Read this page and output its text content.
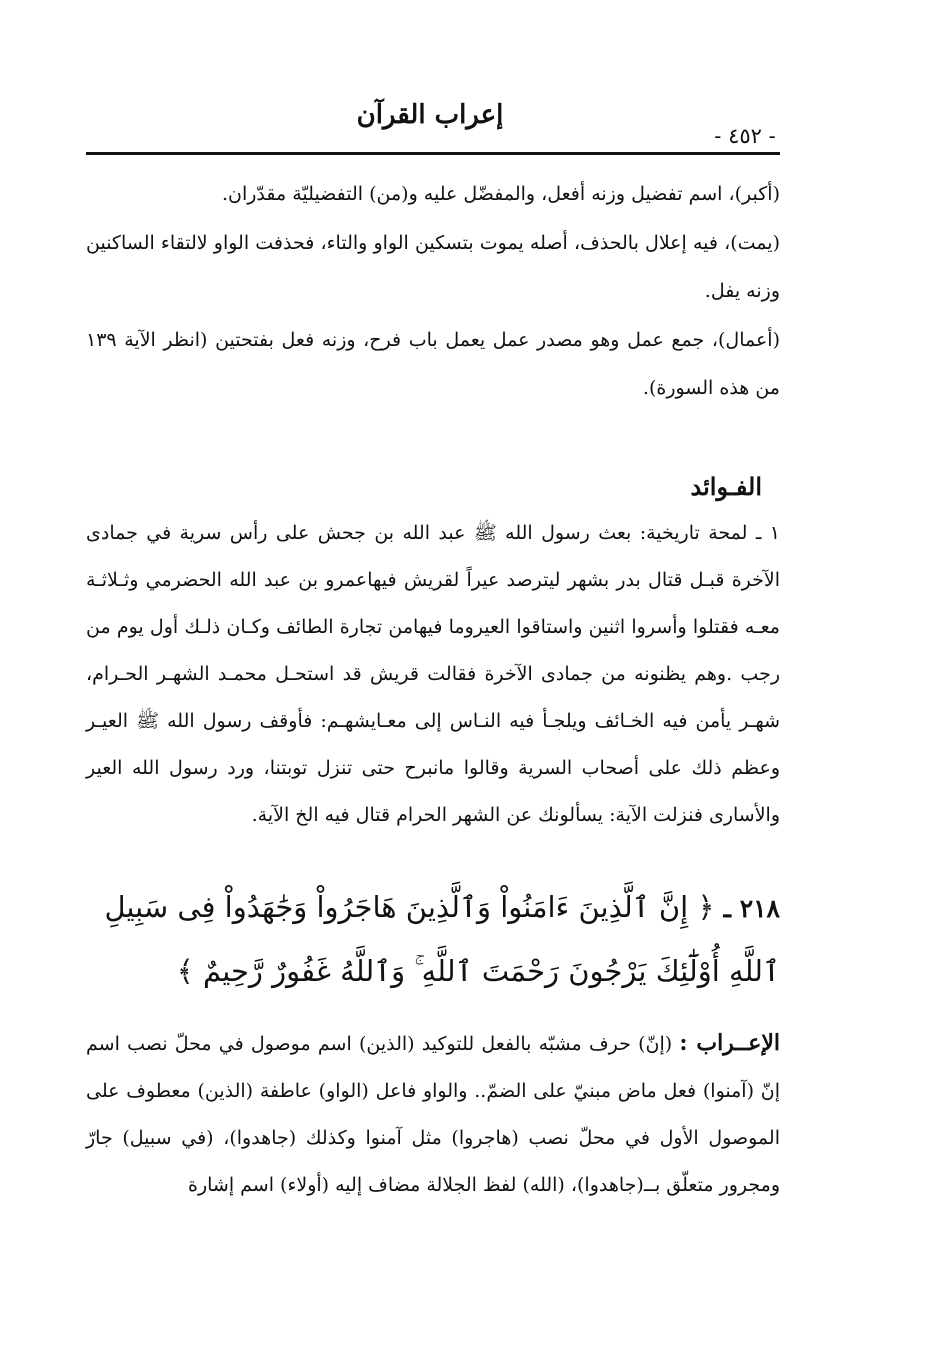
إعراب القرآن
- ٤٥٢ -

(أكبر)، اسم تفضيل وزنه أفعل، والمفضّل عليه و(من) التفضيليّة مقدّران.

(يمت)، فيه إعلال بالحذف، أصله يموت بتسكين الواو والتاء، فحذفت الواو لالتقاء الساكنين وزنه يفل.

(أعمال)، جمع عمل وهو مصدر عمل يعمل باب فرح، وزنه فعل بفتحتين (انظر الآية ١٣٩ من هذه السورة).

الفـوائد
١ ـ لمحة تاريخية: بعث رسول الله ﷺ عبد الله بن جحش على رأس سرية في جمادى الآخرة قبـل قتال بدر بشهر ليترصد عيراً لقريش فيهاعمرو بن عبد الله الحضرمي وثـلاثـة معـه فقتلوا وأسروا اثنين واستاقوا العيروما فيهامن تجارة الطائف وكـان ذلـك أول يوم من رجب .وهم يظنونه من جمادى الآخرة فقالت قريش قد استحـل محمـد الشهـر الحـرام، شهـر يأمن فيه الخـائف ويلجـأ فيه النـاس إلى معـايشهـم: فأوقف رسول الله ﷺ العيـر وعظم ذلك على أصحاب السرية وقالوا مانبرح حتى تنزل توبتنا، ورد رسول الله العير والأسارى فنزلت الآية: يسألونك عن الشهر الحرام قتال فيه الخ الآية.
٢١٨ ـ ﴿ إِنَّ ٱلَّذِينَ ءَامَنُواْ وَٱلَّذِينَ هَاجَرُواْ وَجَٰهَدُواْ فِى سَبِيلِ ٱللَّهِ أُوْلَٰٓئِكَ يَرْجُونَ رَحْمَتَ ٱللَّهِ ۚ وَٱللَّهُ غَفُورٌ رَّحِيمٌ ﴾
الإعــراب : (إنّ) حرف مشبّه بالفعل للتوكيد (الذين) اسم موصول في محلّ نصب اسم إنّ (آمنوا) فعل ماض مبنيّ على الضمّ.. والواو فاعل (الواو) عاطفة (الذين) معطوف على الموصول الأول في محلّ نصب (هاجروا) مثل آمنوا وكذلك (جاهدوا)، (في سبيل) جارّ ومجرور متعلّق بــ(جاهدوا)، (الله) لفظ الجلالة مضاف إليه (أولاء) اسم إشارة
